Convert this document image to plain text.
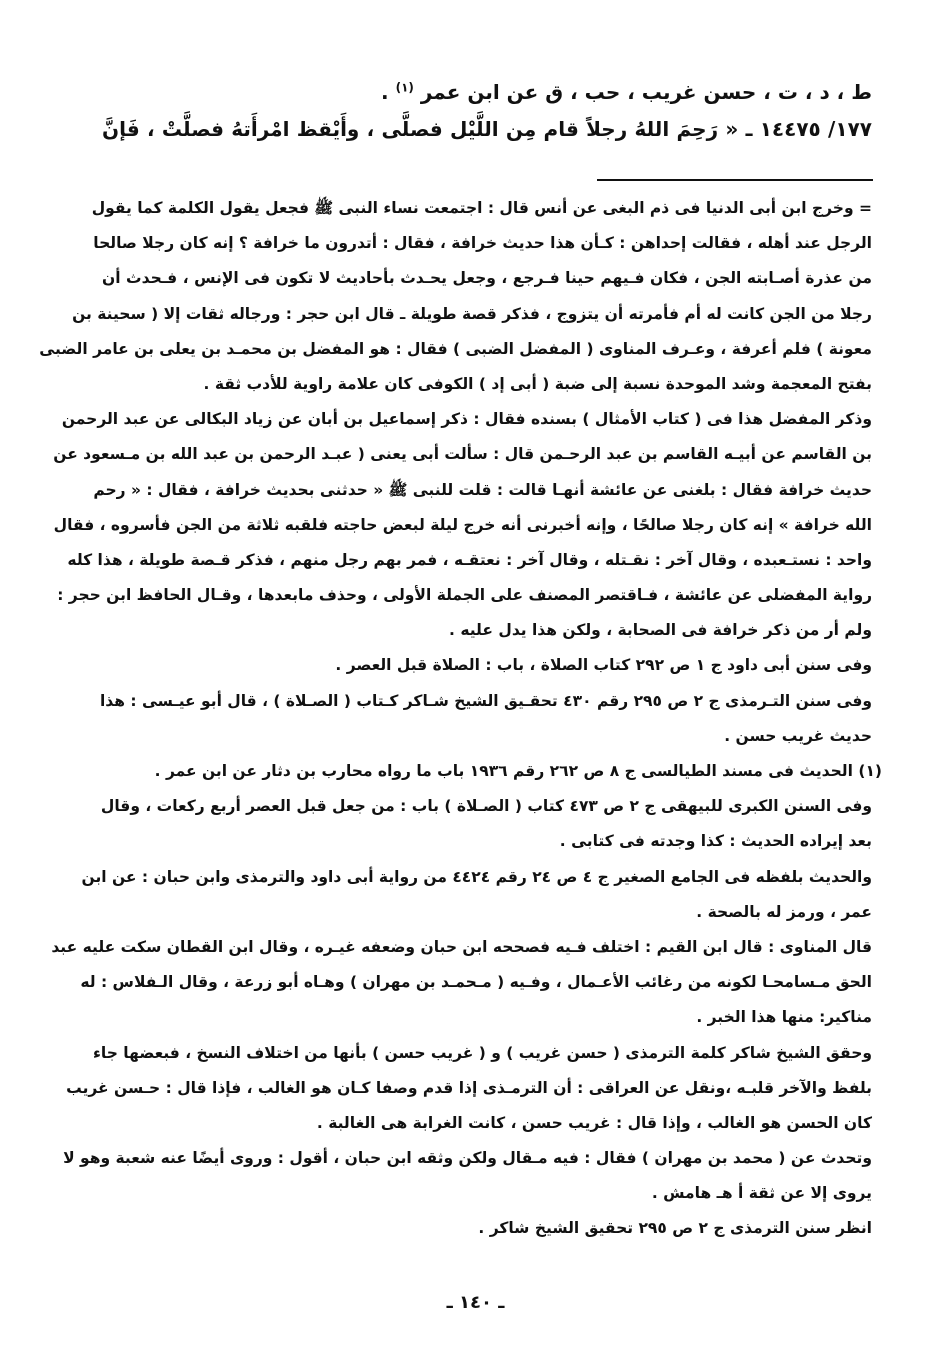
ط ، د ، ت ، حسن غريب ، حب ، ق عن ابن عمر $^{(١)}$ .
١٧٧/ ١٤٤٧٥ ـ « رَحِمَ اللهُ رجلاً قام مِن اللَّيْل فصلَّى ، وأَيْقظ امْرأَتهُ فصلَّتْ ، فَإنَّ
= وخرج ابن أبى الدنيا فى ذم البغى عن أنس قال : اجتمعت نساء النبى ﷺ فجعل يقول الكلمة كما يقول
الرجل عند أهله ، فقالت إحداهن : كـأن هذا حديث خرافة ، فقال : أتدرون ما خرافة ؟ إنه كان رجلا صالحا
من عذرة أصـابته الجن ، فكان فـيهم حينا فـرجع ، وجعل يحـدث بأحاديث لا تكون فى الإنس ، فـحدث أن
رجلا من الجن كانت له أم فأمرته أن يتزوج ، فذكر قصة طويلة ـ قال ابن حجر : ورجاله ثقات إلا ( سحينة بن
معونة ) فلم أعرفة ، وعـرف المناوى ( المفضل الضبى ) فقال : هو المفضل بن محمـد بن يعلى بن عامر الضبى
بفتح المعجمة وشد الموحدة نسبة إلى ضبة ( أبى إد ) الكوفى كان علامة راوية للأدب ثقة .
وذكر المفضل هذا فى ( كتاب الأمثال ) بسنده فقال : ذكر إسماعيل بن أبان عن زياد البكالى عن عبد الرحمن
بن القاسم عن أبيـه القاسم بن عبد الرحـمن قال : سألت أبى يعنى ( عبـد الرحمن بن عبد الله بن مـسعود عن
حديث خرافة فقال : بلغنى عن عائشة أنهـا قالت : قلت للنبى ﷺ « حدثنى بحديث خرافة ، فقال : « رحم
الله خرافة » إنه كان رجلا صالحًا ، وإنه أخبرنى أنه خرج ليلة لبعض حاجته فلقبه ثلاثة من الجن فأسروه ، فقال
واحد : نستـعبده ، وقال آخر : نقـتله ، وقال آخر : نعتقـه ، فمر بهم رجل منهم ، فذكر قـصة طويلة ، هذا كله
رواية المفضلى عن عائشة ، فـاقتصر المصنف على الجملة الأولى ، وحذف مابعدها ، وقـال الحافظ ابن حجر :
ولم أر من ذكر خرافة فى الصحابة ، ولكن هذا يدل عليه .
وفى سنن أبى داود ج ١ ص ٢٩٢ كتاب الصلاة ، باب : الصلاة قبل العصر .
وفى سنن التـرمذى ج ٢ ص ٢٩٥ رقم ٤٣٠ تحقـيق الشيخ شـاكر كـتاب ( الصـلاة ) ، قال أبو عيـسى : هذا
حديث غريب حسن .
(١) الحديث فى مسند الطيالسى ج ٨ ص ٢٦٢ رقم ١٩٣٦ باب ما رواه محارب بن دثار عن ابن عمر .
وفى السنن الكبرى للبيهقى ج ٢ ص ٤٧٣ كتاب ( الصـلاة ) باب : من جعل قبل العصر أربع ركعات ، وقال
بعد إيراده الحديث : كذا وجدته فى كتابى .
والحديث بلفظه فى الجامع الصغير ج ٤ ص ٢٤ رقم ٤٤٢٤ من رواية أبى داود والترمذى وابن حبان : عن ابن
عمر ، ورمز له بالصحة .
قال المناوى : قال ابن القيم : اختلف فـيه فصححه ابن حبان وضعفه غيـره ، وقال ابن القطان سكت عليه عبد
الحق مـسامحـا لكونه من رغائب الأعـمال ، وفـيه ( مـحمـد بن مهران ) وهـاه أبو زرعة ، وقال الـفلاس : له
مناكير: منها هذا الخبر .
وحقق الشيخ شاكر كلمة الترمذى ( حسن غريب ) و ( غريب حسن ) بأنها من اختلاف النسخ ، فبعضها جاء
بلفظ والآخر قلبـه ،ونقل عن العراقى : أن الترمـذى إذا قدم وصفا كـان هو الغالب ، فإذا قال : حـسن غريب
كان الحسن هو الغالب ، وإذا قال : غريب حسن ، كانت الغرابة هى الغالبة .
وتحدث عن ( محمد بن مهران ) فقال : فيه مـقال ولكن وثقه ابن حبان ، أقول : وروى أيضًا عنه شعبة وهو لا
يروى إلا عن ثقة أ هـ هامش .
انظر سنن الترمذى ج ٢ ص ٢٩٥ تحقيق الشيخ شاكر .
ـ ١٤٠ ـ
